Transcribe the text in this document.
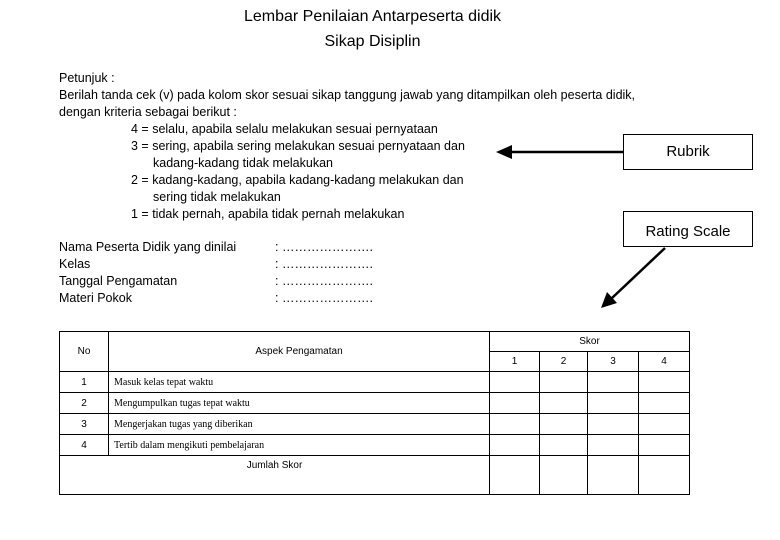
Lembar Penilaian Antarpeserta didik
Sikap Disiplin
Petunjuk :
Berilah tanda cek (v) pada kolom skor sesuai sikap tanggung jawab yang ditampilkan oleh peserta didik,
dengan kriteria sebagai berikut :
4 = selalu, apabila selalu melakukan sesuai pernyataan
3 = sering, apabila sering melakukan sesuai pernyataan dan
kadang-kadang tidak melakukan
2 = kadang-kadang, apabila kadang-kadang melakukan dan
sering tidak melakukan
1 = tidak pernah, apabila tidak pernah melakukan
Nama Peserta Didik yang dinilai	: ………………….
Kelas	: ………………….
Tanggal Pengamatan	: ………………….
Materi Pokok	: ………………….
Rubrik
Rating Scale
No	Aspek Pengamatan	Skor			
		1	2	3	4
1	Masuk kelas tepat waktu				
2	Mengumpulkan tugas tepat waktu				
3	Mengerjakan tugas yang diberikan				
4	Tertib dalam mengikuti pembelajaran				
Jumlah Skor					
